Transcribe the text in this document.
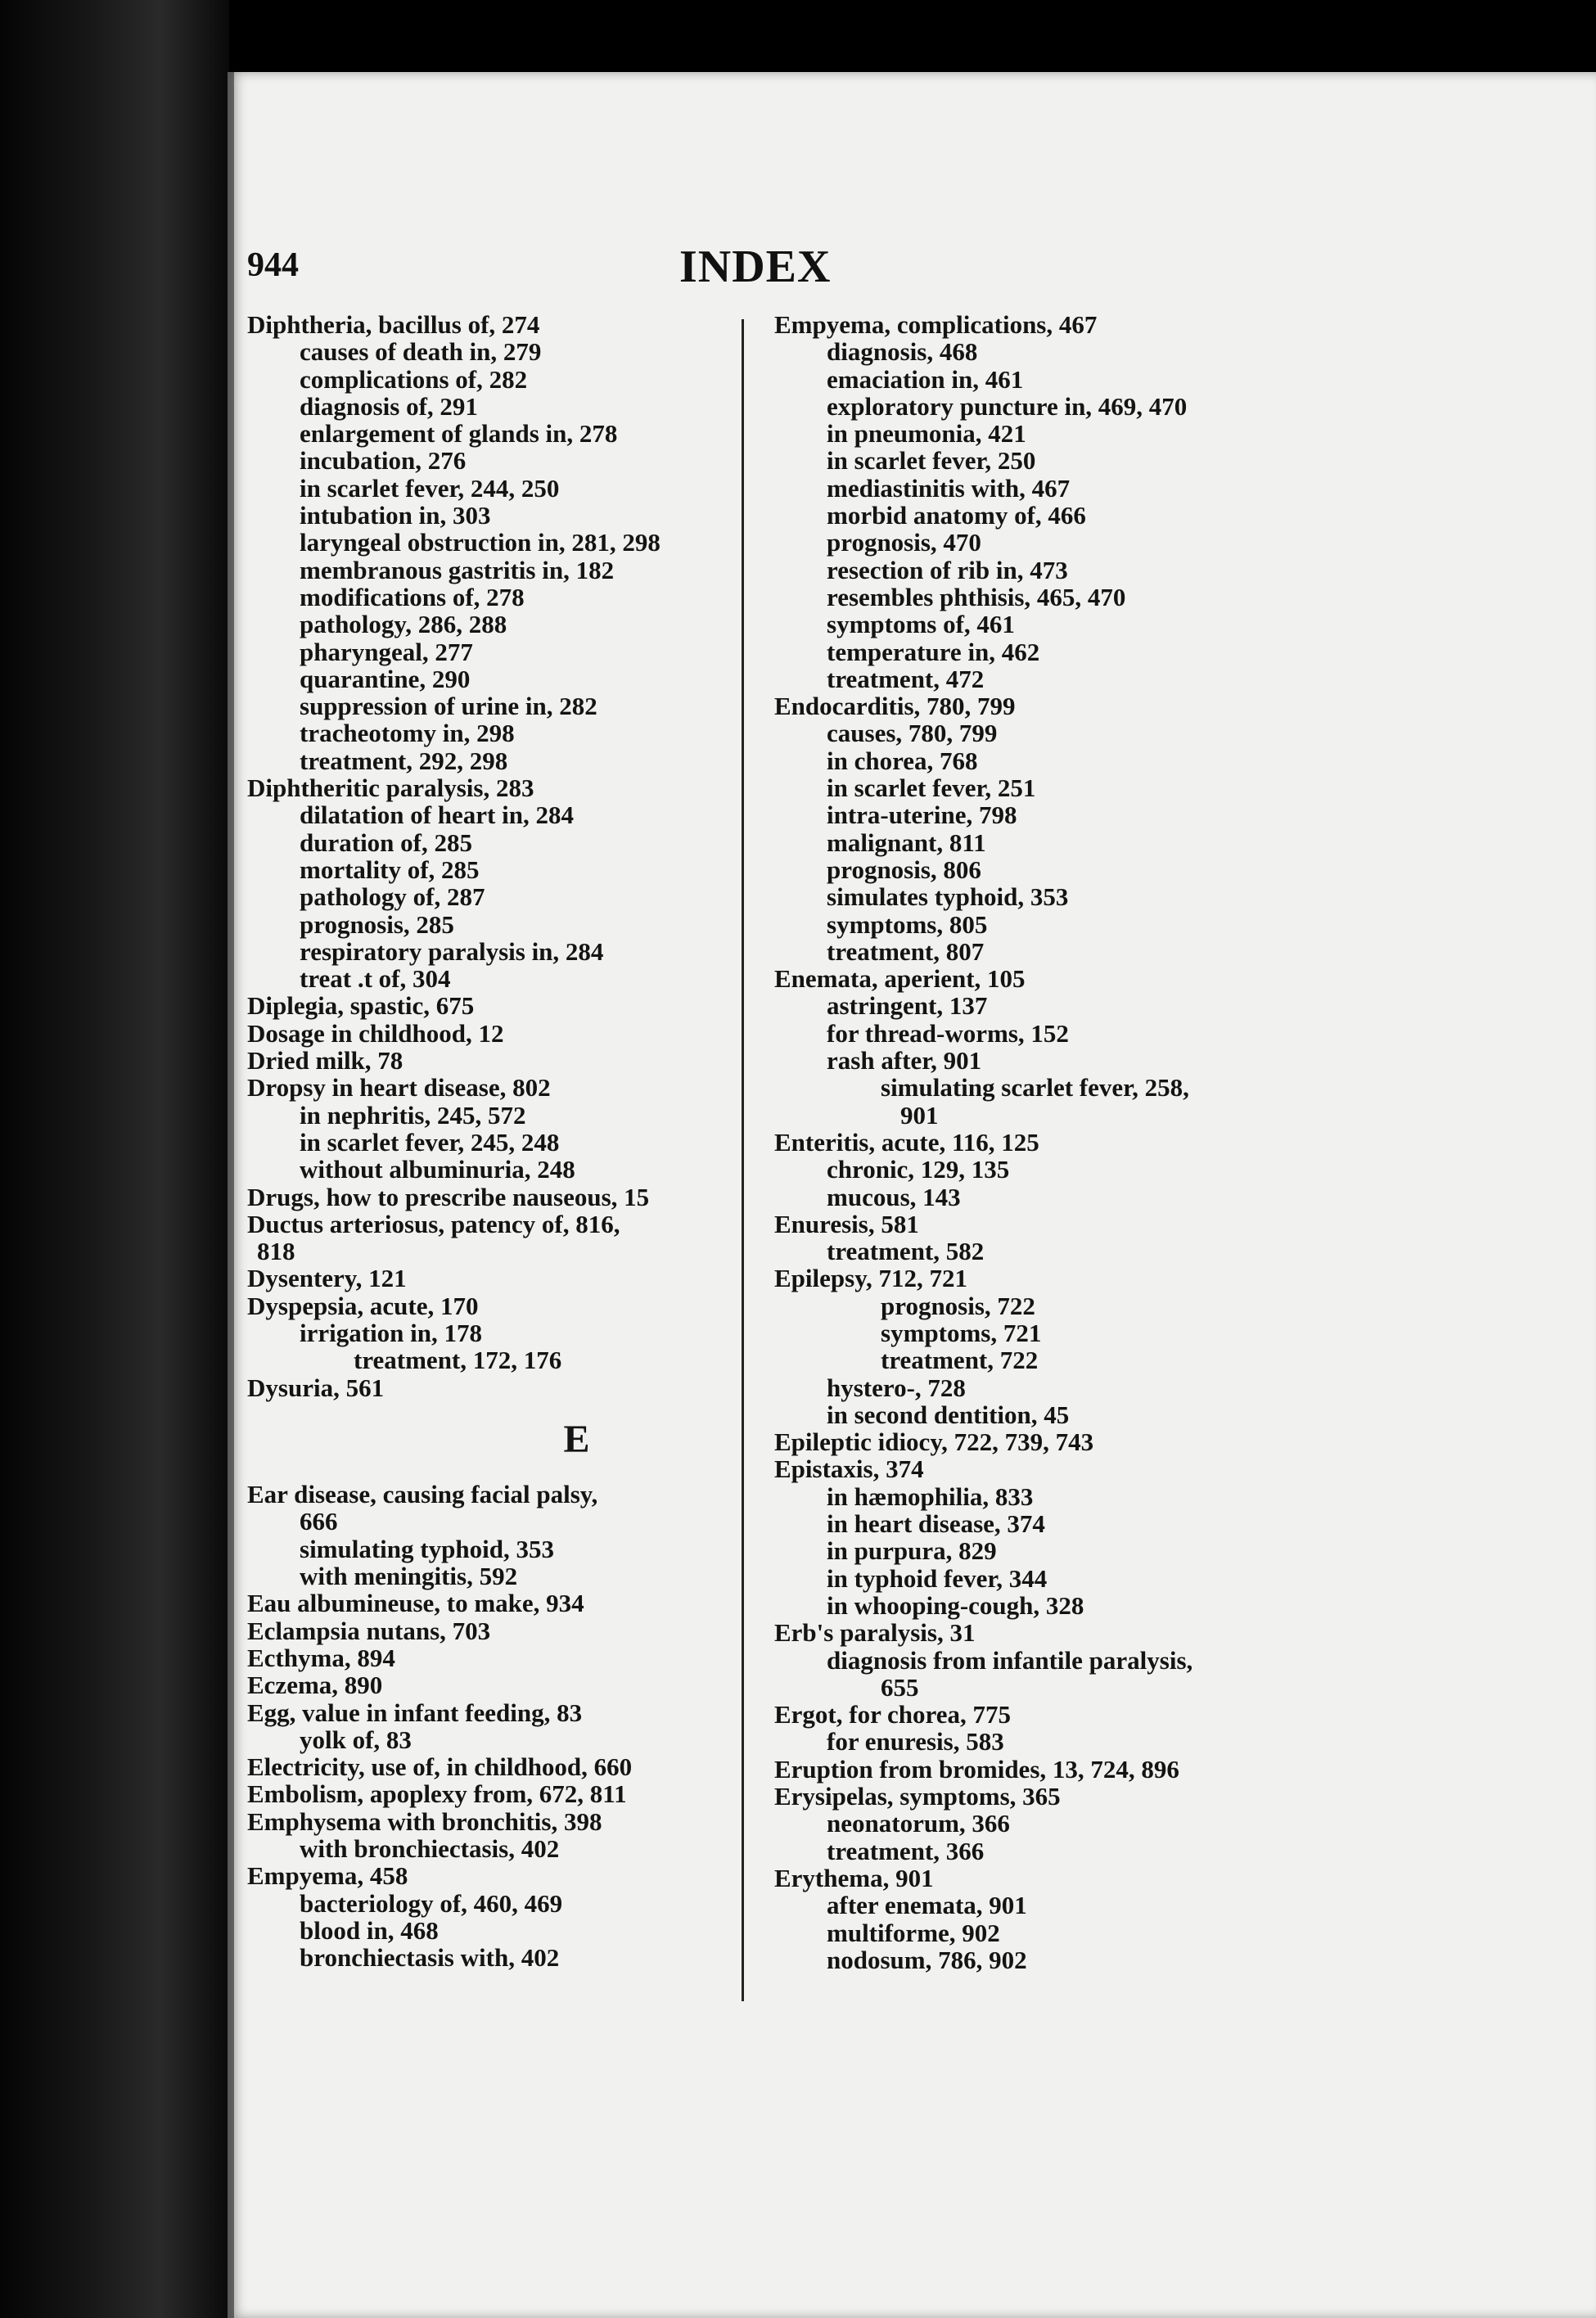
944	INDEX
Diphtheria, bacillus of, 274
causes of death in, 279
complications of, 282
diagnosis of, 291
enlargement of glands in, 278
incubation, 276
in scarlet fever, 244, 250
intubation in, 303
laryngeal obstruction in, 281, 298
membranous gastritis in, 182
modifications of, 278
pathology, 286, 288
pharyngeal, 277
quarantine, 290
suppression of urine in, 282
tracheotomy in, 298
treatment, 292, 298
Diphtheritic paralysis, 283
dilatation of heart in, 284
duration of, 285
mortality of, 285
pathology of, 287
prognosis, 285
respiratory paralysis in, 284
treat .t of, 304
Diplegia, spastic, 675
Dosage in childhood, 12
Dried milk, 78
Dropsy in heart disease, 802
in nephritis, 245, 572
in scarlet fever, 245, 248
without albuminuria, 248
Drugs, how to prescribe nauseous, 15
Ductus arteriosus, patency of, 816,
818
Dysentery, 121
Dyspepsia, acute, 170
irrigation in, 178
treatment, 172, 176
Dysuria, 561
E
Ear disease, causing facial palsy,
666
simulating typhoid, 353
with meningitis, 592
Eau albumineuse, to make, 934
Eclampsia nutans, 703
Ecthyma, 894
Eczema, 890
Egg, value in infant feeding, 83
yolk of, 83
Electricity, use of, in childhood, 660
Embolism, apoplexy from, 672, 811
Emphysema with bronchitis, 398
with bronchiectasis, 402
Empyema, 458
bacteriology of, 460, 469
blood in, 468
bronchiectasis with, 402
Empyema, complications, 467
diagnosis, 468
emaciation in, 461
exploratory puncture in, 469, 470
in pneumonia, 421
in scarlet fever, 250
mediastinitis with, 467
morbid anatomy of, 466
prognosis, 470
resection of rib in, 473
resembles phthisis, 465, 470
symptoms of, 461
temperature in, 462
treatment, 472
Endocarditis, 780, 799
causes, 780, 799
in chorea, 768
in scarlet fever, 251
intra-uterine, 798
malignant, 811
prognosis, 806
simulates typhoid, 353
symptoms, 805
treatment, 807
Enemata, aperient, 105
astringent, 137
for thread-worms, 152
rash after, 901
simulating scarlet fever, 258,
901
Enteritis, acute, 116, 125
chronic, 129, 135
mucous, 143
Enuresis, 581
treatment, 582
Epilepsy, 712, 721
prognosis, 722
symptoms, 721
treatment, 722
hystero-, 728
in second dentition, 45
Epileptic idiocy, 722, 739, 743
Epistaxis, 374
in hæmophilia, 833
in heart disease, 374
in purpura, 829
in typhoid fever, 344
in whooping-cough, 328
Erb's paralysis, 31
diagnosis from infantile paralysis,
655
Ergot, for chorea, 775
for enuresis, 583
Eruption from bromides, 13, 724, 896
Erysipelas, symptoms, 365
neonatorum, 366
treatment, 366
Erythema, 901
after enemata, 901
multiforme, 902
nodosum, 786, 902
